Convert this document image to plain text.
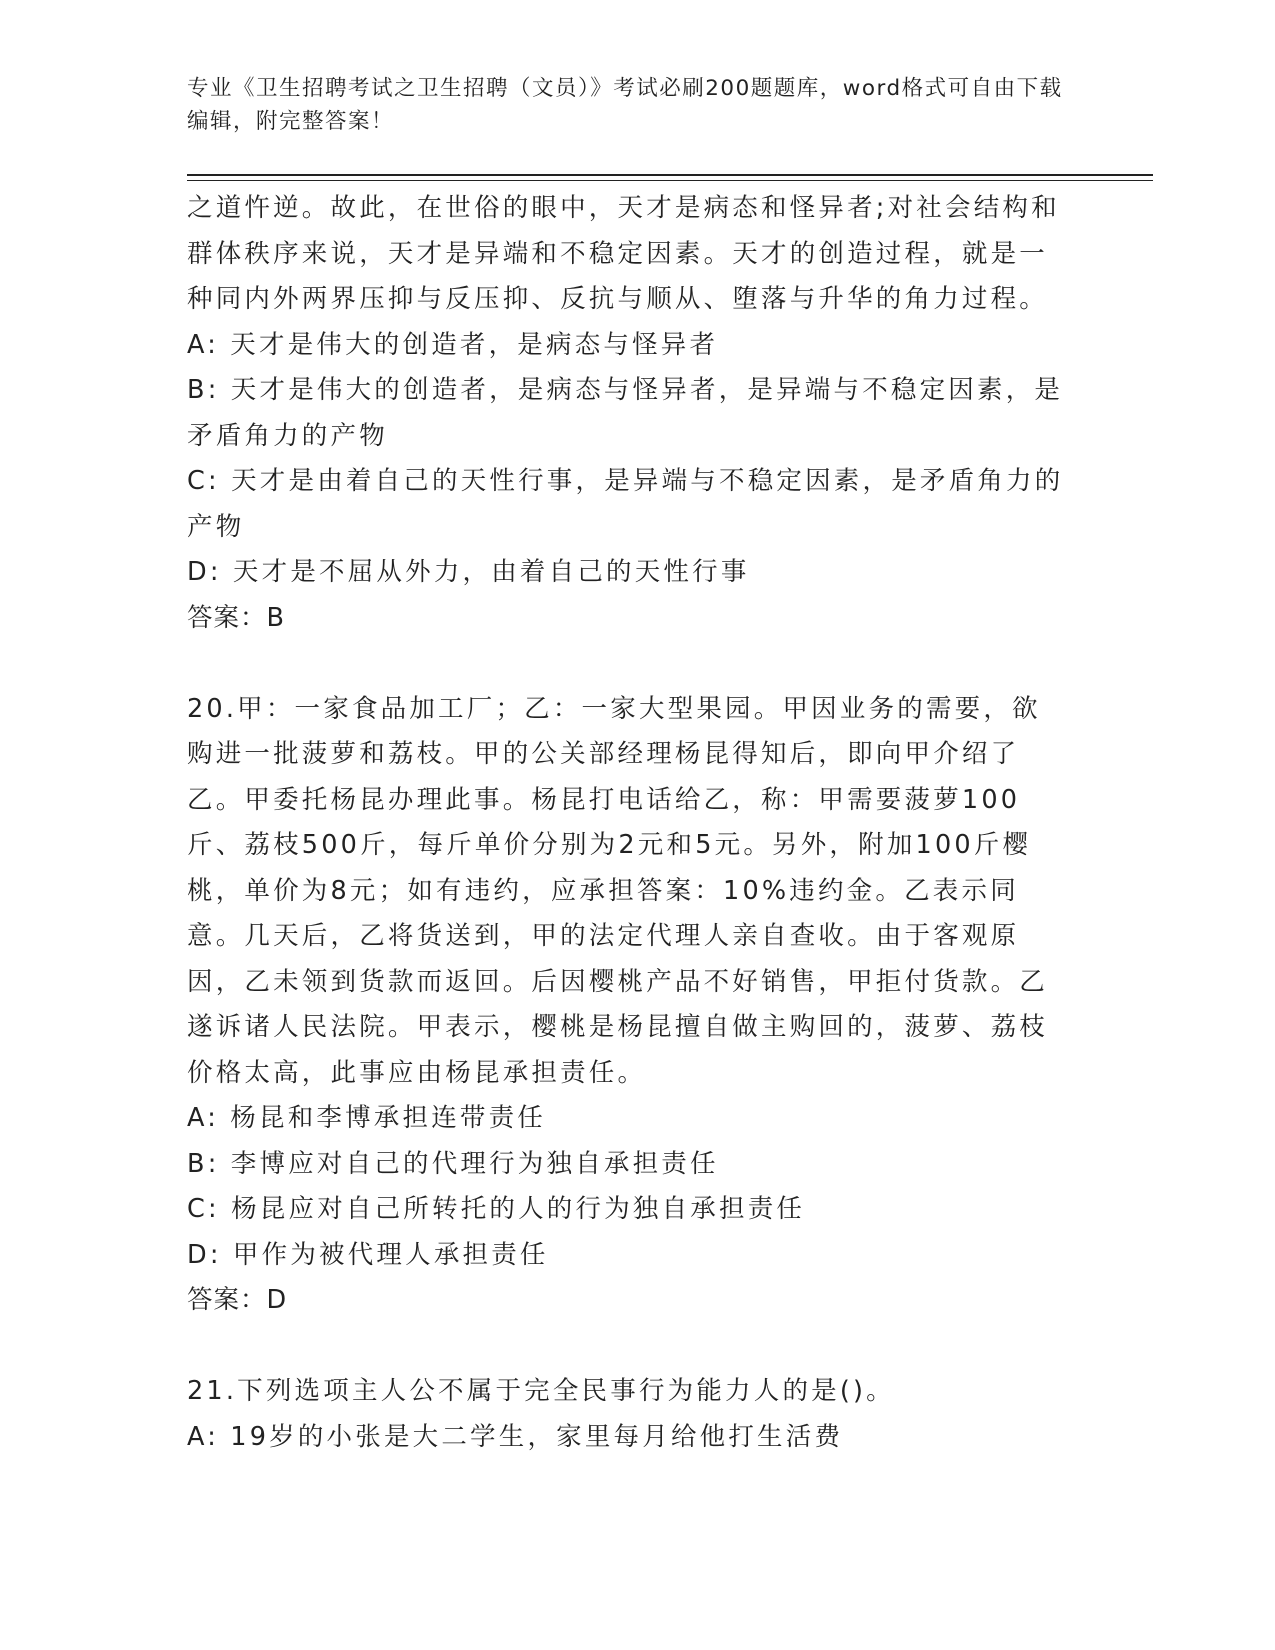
专业《卫生招聘考试之卫生招聘（文员）》考试必刷200题题库，word格式可自由下载编辑，附完整答案！

之道忤逆。故此，在世俗的眼中，天才是病态和怪异者;对社会结构和群体秩序来说，天才是异端和不稳定因素。天才的创造过程，就是一种同内外两界压抑与反压抑、反抗与顺从、堕落与升华的角力过程。

A: 天才是伟大的创造者，是病态与怪异者

B: 天才是伟大的创造者，是病态与怪异者，是异端与不稳定因素，是矛盾角力的产物

C: 天才是由着自己的天性行事，是异端与不稳定因素，是矛盾角力的产物

D: 天才是不屈从外力，由着自己的天性行事

答案：B

20.甲：一家食品加工厂；乙：一家大型果园。甲因业务的需要，欲购进一批菠萝和荔枝。甲的公关部经理杨昆得知后，即向甲介绍了乙。甲委托杨昆办理此事。杨昆打电话给乙，称：甲需要菠萝100斤、荔枝500斤，每斤单价分别为2元和5元。另外，附加100斤樱桃，单价为8元；如有违约，应承担答案：10%违约金。乙表示同意。几天后，乙将货送到，甲的法定代理人亲自查收。由于客观原因，乙未领到货款而返回。后因樱桃产品不好销售，甲拒付货款。乙遂诉诸人民法院。甲表示，樱桃是杨昆擅自做主购回的，菠萝、荔枝价格太高，此事应由杨昆承担责任。

A: 杨昆和李博承担连带责任

B: 李博应对自己的代理行为独自承担责任

C: 杨昆应对自己所转托的人的行为独自承担责任

D: 甲作为被代理人承担责任

答案：D

21.下列选项主人公不属于完全民事行为能力人的是()。

A: 19岁的小张是大二学生，家里每月给他打生活费
